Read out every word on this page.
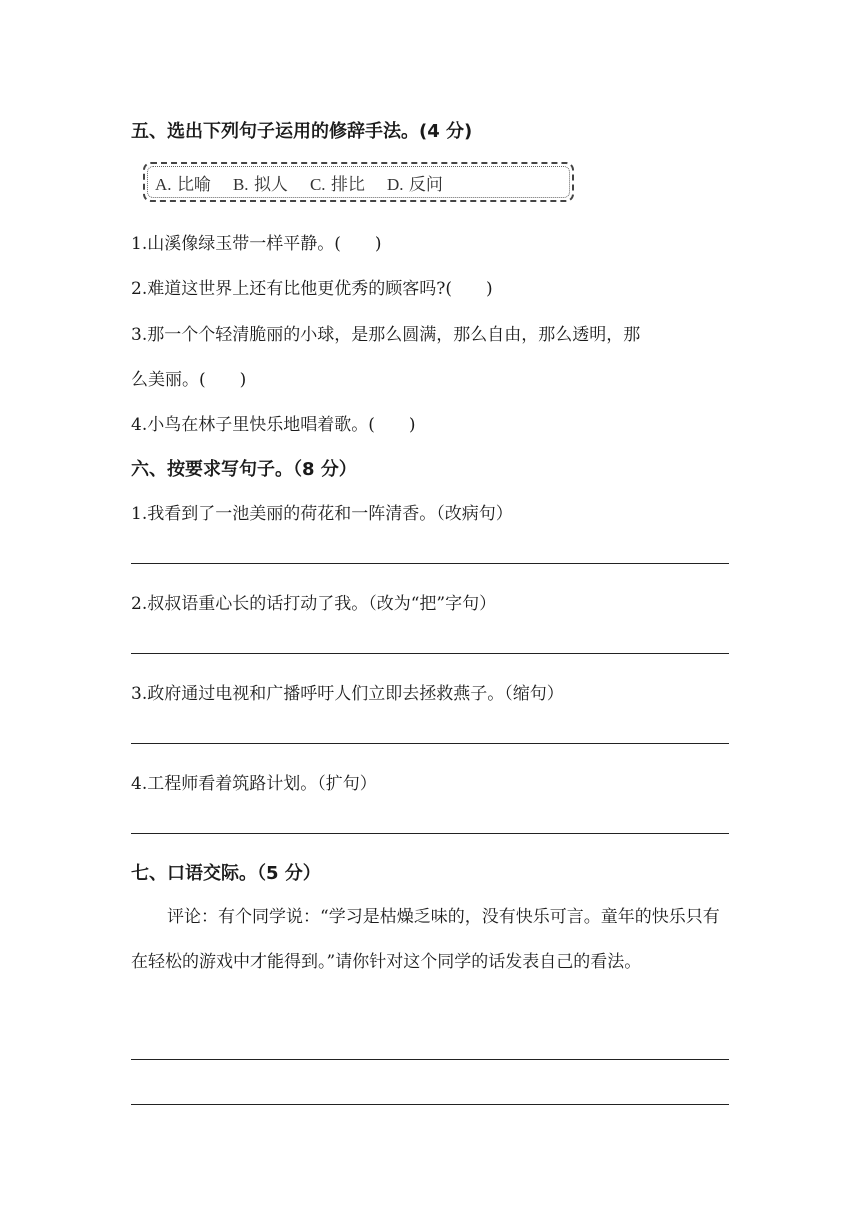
五、选出下列句子运用的修辞手法。(4 分)
A. 比喻 B. 拟人 C. 排比 D. 反问
1.山溪像绿玉带一样平静。(　　)
2.难道这世界上还有比他更优秀的顾客吗?(　　)
3.那一个个轻清脆丽的小球，是那么圆满，那么自由，那么透明，那
么美丽。(　　)
4.小鸟在林子里快乐地唱着歌。(　　)
六、按要求写句子。（8 分）
1.我看到了一池美丽的荷花和一阵清香。（改病句）
2.叔叔语重心长的话打动了我。（改为“把”字句）
3.政府通过电视和广播呼吁人们立即去拯救燕子。（缩句）
4.工程师看着筑路计划。（扩句）
七、口语交际。（5 分）
评论：有个同学说：“学习是枯燥乏味的，没有快乐可言。童年的快乐只有在轻松的游戏中才能得到。”请你针对这个同学的话发表自己的看法。
